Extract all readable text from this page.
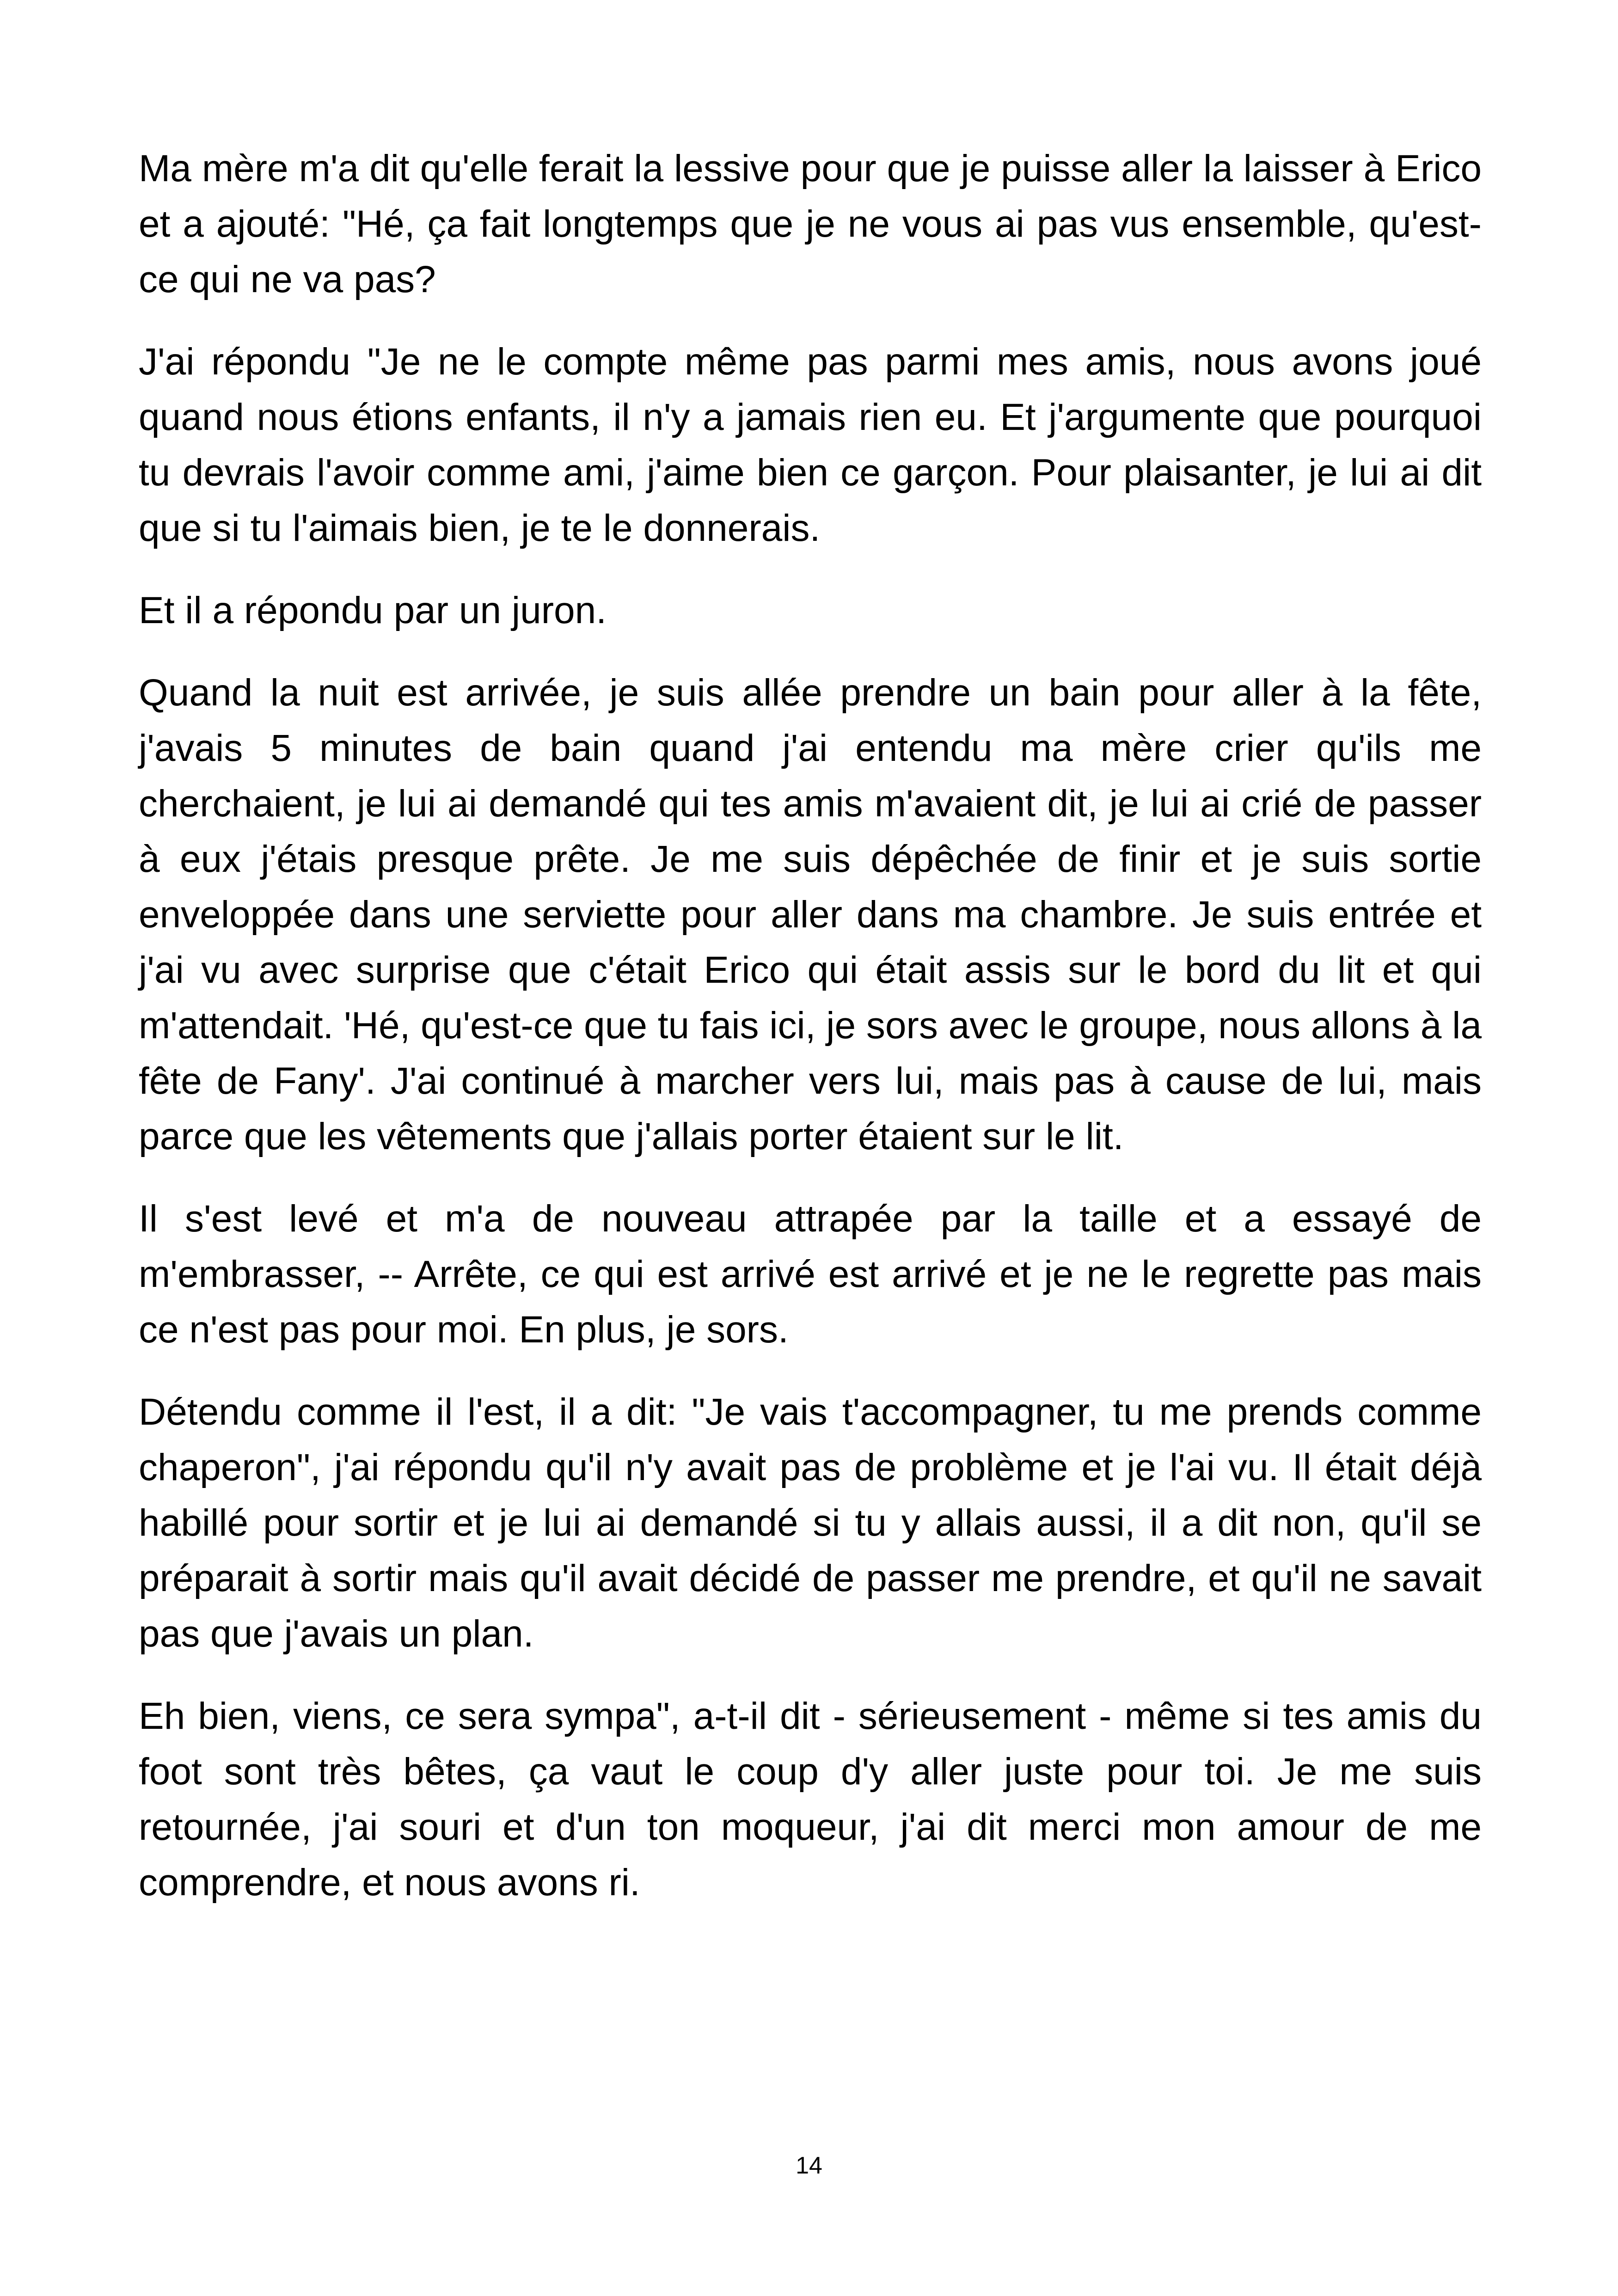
Ma mère m'a dit qu'elle ferait la lessive pour que je puisse aller la laisser à Erico et a ajouté: "Hé, ça fait longtemps que je ne vous ai pas vus ensemble, qu'est-ce qui ne va pas?

J'ai répondu "Je ne le compte même pas parmi mes amis, nous avons joué quand nous étions enfants, il n'y a jamais rien eu. Et j'argumente que pourquoi tu devrais l'avoir comme ami, j'aime bien ce garçon. Pour plaisanter, je lui ai dit que si tu l'aimais bien, je te le donnerais.

Et il a répondu par un juron.

Quand la nuit est arrivée, je suis allée prendre un bain pour aller à la fête, j'avais 5 minutes de bain quand j'ai entendu ma mère crier qu'ils me cherchaient, je lui ai demandé qui tes amis m'avaient dit, je lui ai crié de passer à eux j'étais presque prête. Je me suis dépêchée de finir et je suis sortie enveloppée dans une serviette pour aller dans ma chambre. Je suis entrée et j'ai vu avec surprise que c'était Erico qui était assis sur le bord du lit et qui m'attendait. 'Hé, qu'est-ce que tu fais ici, je sors avec le groupe, nous allons à la fête de Fany'. J'ai continué à marcher vers lui, mais pas à cause de lui, mais parce que les vêtements que j'allais porter étaient sur le lit.

Il s'est levé et m'a de nouveau attrapée par la taille et a essayé de m'embrasser, -- Arrête, ce qui est arrivé est arrivé et je ne le regrette pas mais ce n'est pas pour moi. En plus, je sors.

Détendu comme il l'est, il a dit: "Je vais t'accompagner, tu me prends comme chaperon", j'ai répondu qu'il n'y avait pas de problème et je l'ai vu. Il était déjà habillé pour sortir et je lui ai demandé si tu y allais aussi, il a dit non, qu'il se préparait à sortir mais qu'il avait décidé de passer me prendre, et qu'il ne savait pas que j'avais un plan.

Eh bien, viens, ce sera sympa", a-t-il dit - sérieusement - même si tes amis du foot sont très bêtes, ça vaut le coup d'y aller juste pour toi. Je me suis retournée, j'ai souri et d'un ton moqueur, j'ai dit merci mon amour de me comprendre, et nous avons ri.

14
